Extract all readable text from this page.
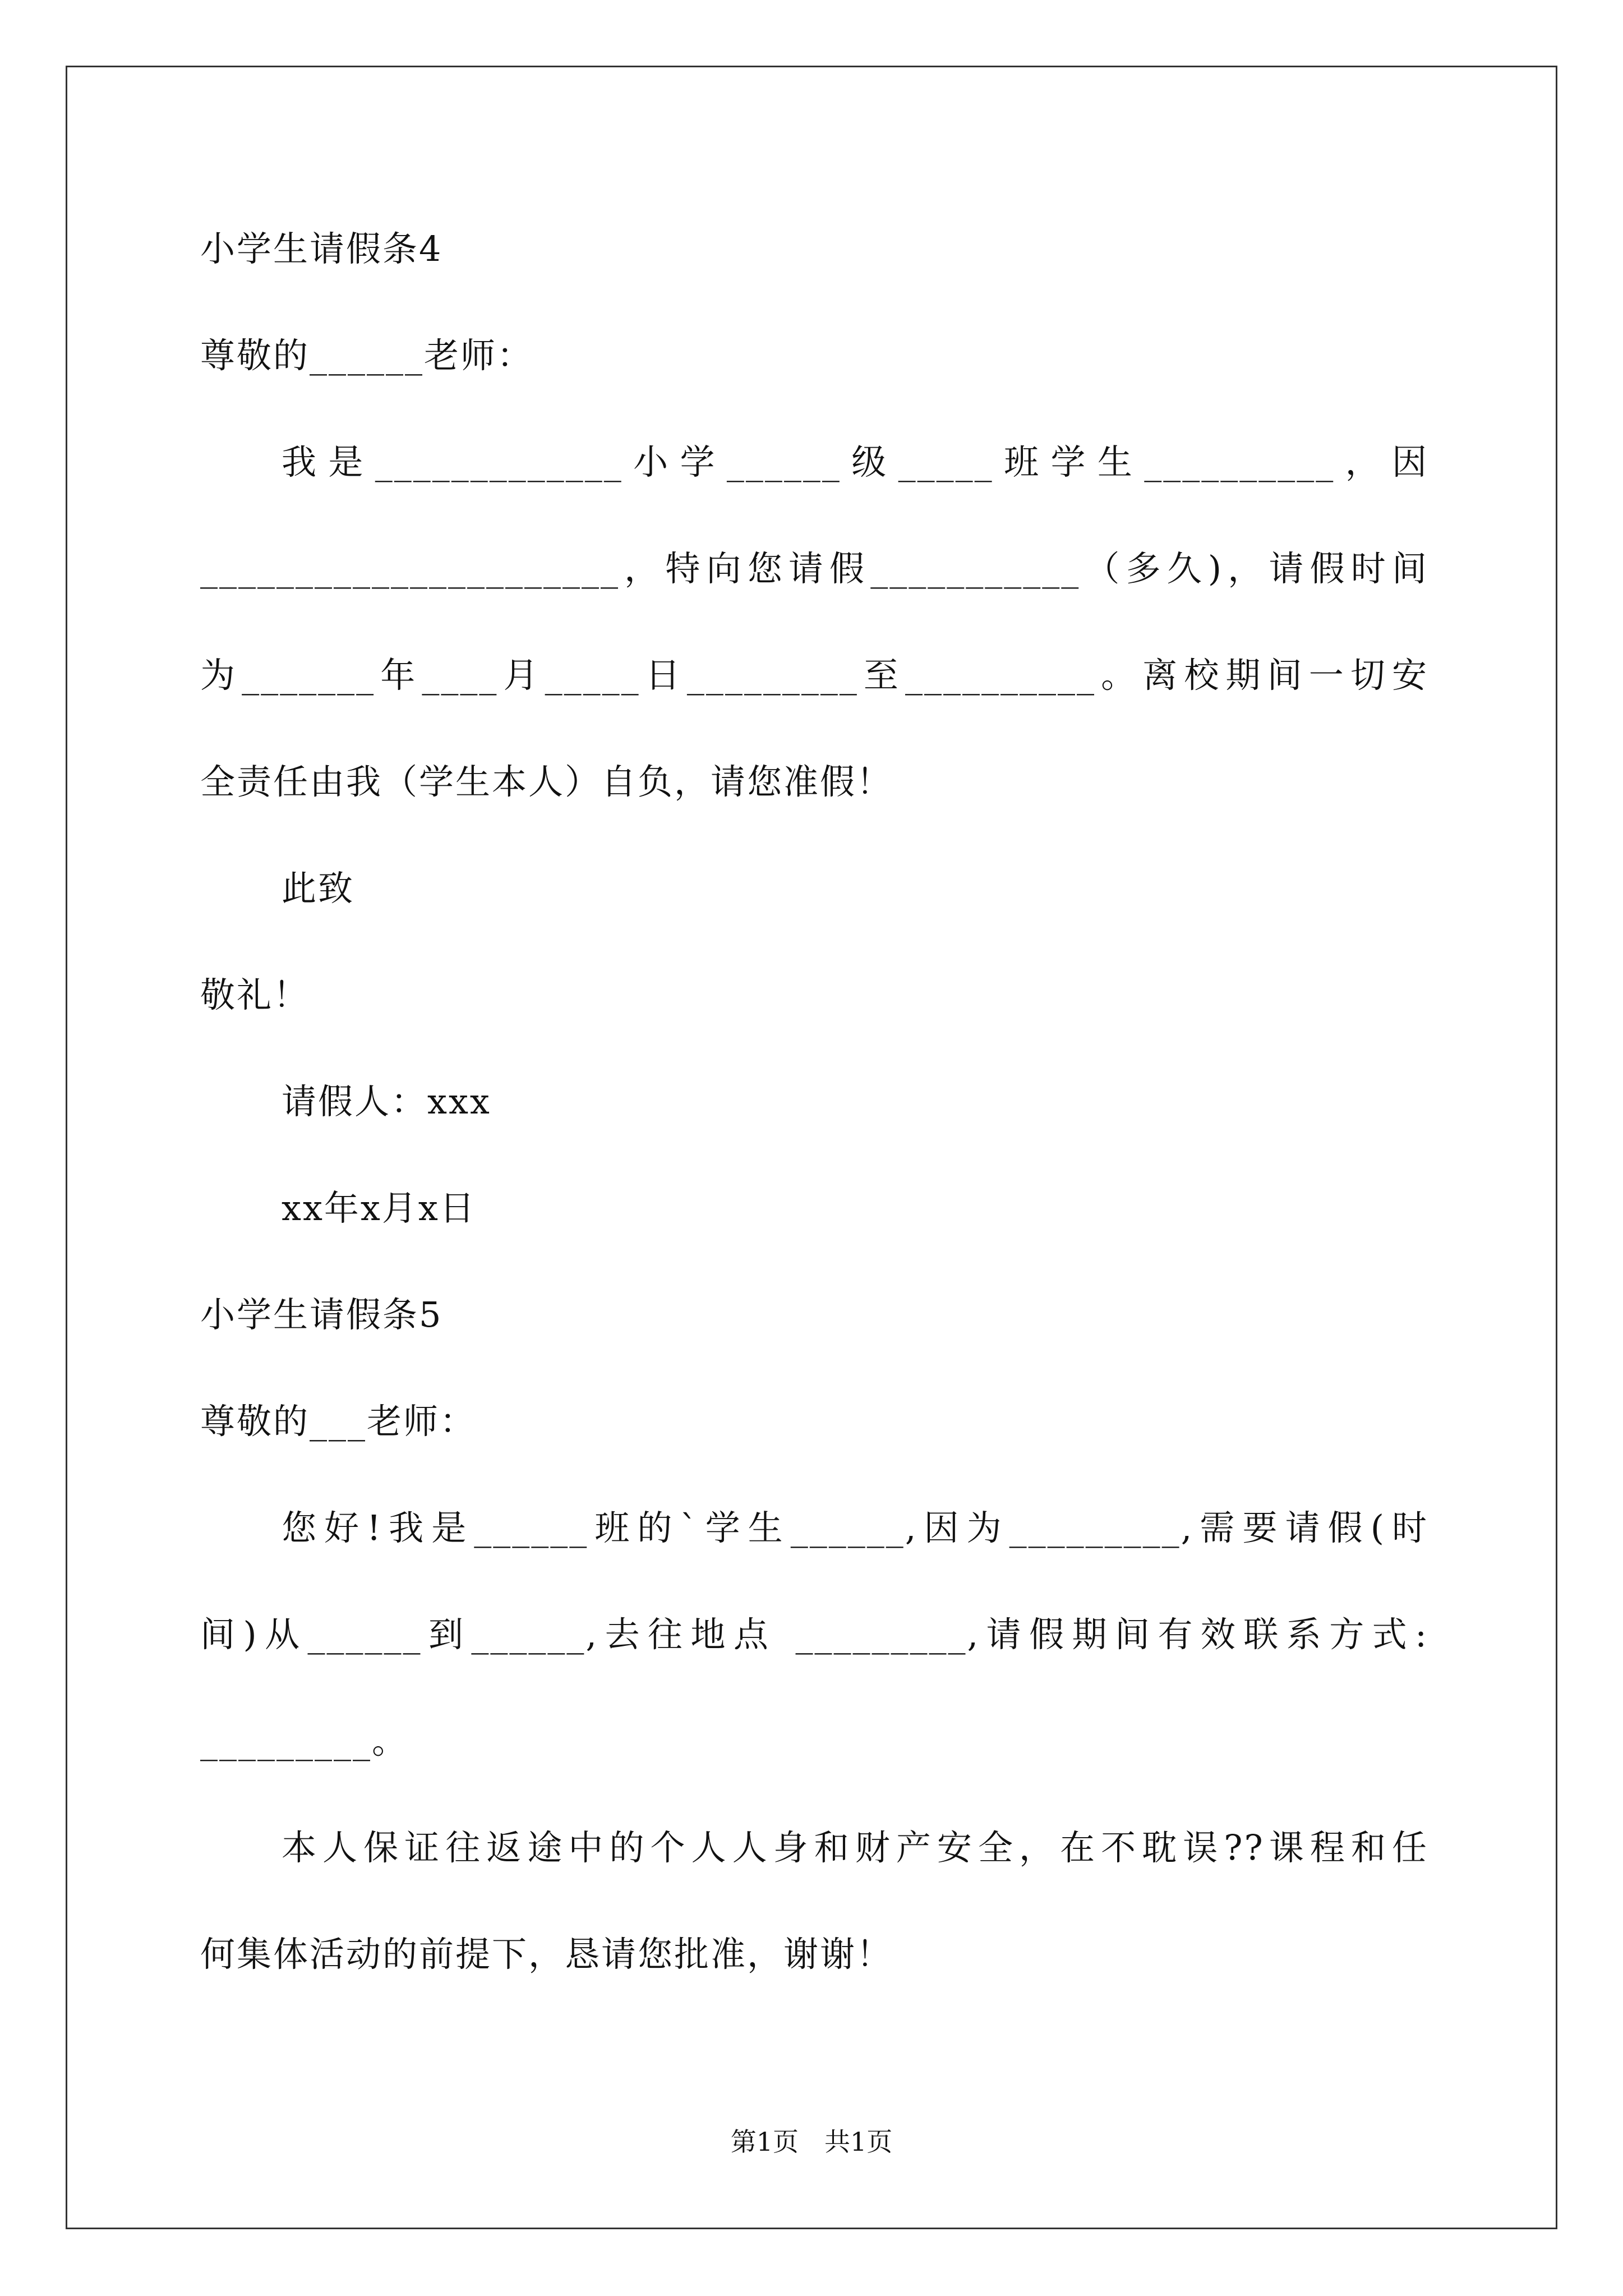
小学生请假条4
尊敬的______老师：
我是_____________小学______级_____班学生__________，因
______________________，特向您请假___________（多久)，请假时间
为_______年____月_____日_________至__________。离校期间一切安
全责任由我（学生本人）自负，请您准假！
此致
敬礼！
请假人：xxx
xx年x月x日
小学生请假条5
尊敬的___老师：
您好!我是______班的`学生______,因为_________,需要请假(时
间)从______到______,去往地点 _________,请假期间有效联系方式:
_________。
本人保证往返途中的个人人身和财产安全，在不耽误??课程和任
何集体活动的前提下，恳请您批准，谢谢！
第1页　共1页
